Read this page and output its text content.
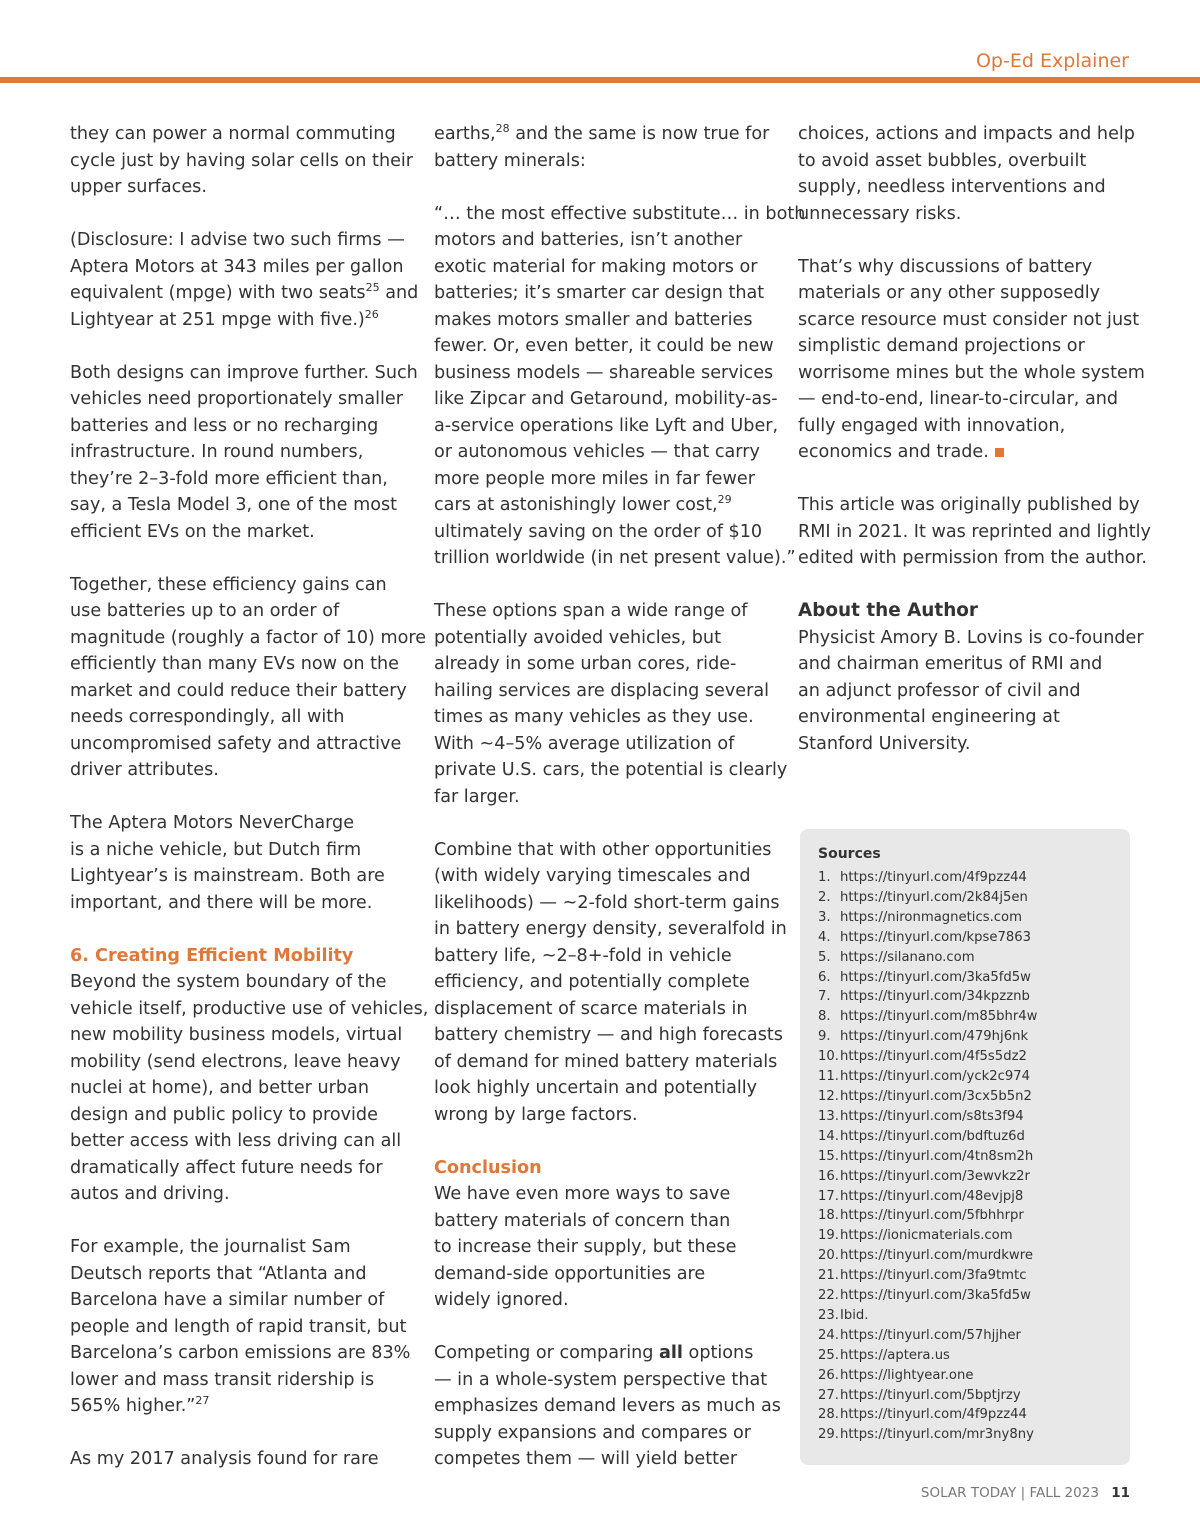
Op-Ed Explainer
they can power a normal commuting
cycle just by having solar cells on their
upper surfaces.
(Disclosure: I advise two such firms —
Aptera Motors at 343 miles per gallon
equivalent (mpge) with two seats$^{25}$ and
Lightyear at 251 mpge with five.)$^{26}$
Both designs can improve further. Such
vehicles need proportionately smaller
batteries and less or no recharging
infrastructure. In round numbers,
they’re 2–3-fold more efficient than,
say, a Tesla Model 3, one of the most
efficient EVs on the market.
Together, these efficiency gains can
use batteries up to an order of
magnitude (roughly a factor of 10) more
efficiently than many EVs now on the
market and could reduce their battery
needs correspondingly, all with
uncompromised safety and attractive
driver attributes.
The Aptera Motors NeverCharge
is a niche vehicle, but Dutch firm
Lightyear’s is mainstream. Both are
important, and there will be more.
6. Creating Efficient Mobility
Beyond the system boundary of the
vehicle itself, productive use of vehicles,
new mobility business models, virtual
mobility (send electrons, leave heavy
nuclei at home), and better urban
design and public policy to provide
better access with less driving can all
dramatically affect future needs for
autos and driving.
For example, the journalist Sam
Deutsch reports that “Atlanta and
Barcelona have a similar number of
people and length of rapid transit, but
Barcelona’s carbon emissions are 83%
lower and mass transit ridership is
565% higher.”$^{27}$
As my 2017 analysis found for rare
earths,$^{28}$ and the same is now true for
battery minerals:
“… the most effective substitute… in both
motors and batteries, isn’t another
exotic material for making motors or
batteries; it’s smarter car design that
makes motors smaller and batteries
fewer. Or, even better, it could be new
business models — shareable services
like Zipcar and Getaround, mobility-as-
a-service operations like Lyft and Uber,
or autonomous vehicles — that carry
more people more miles in far fewer
cars at astonishingly lower cost,$^{29}$
ultimately saving on the order of $10
trillion worldwide (in net present value).”
These options span a wide range of
potentially avoided vehicles, but
already in some urban cores, ride-
hailing services are displacing several
times as many vehicles as they use.
With ~4–5% average utilization of
private U.S. cars, the potential is clearly
far larger.
Combine that with other opportunities
(with widely varying timescales and
likelihoods) — ~2-fold short-term gains
in battery energy density, severalfold in
battery life, ~2–8+-fold in vehicle
efficiency, and potentially complete
displacement of scarce materials in
battery chemistry — and high forecasts
of demand for mined battery materials
look highly uncertain and potentially
wrong by large factors.
Conclusion
We have even more ways to save
battery materials of concern than
to increase their supply, but these
demand-side opportunities are
widely ignored.
Competing or comparing all options
— in a whole-system perspective that
emphasizes demand levers as much as
supply expansions and compares or
competes them — will yield better
choices, actions and impacts and help
to avoid asset bubbles, overbuilt
supply, needless interventions and
unnecessary risks.
That’s why discussions of battery
materials or any other supposedly
scarce resource must consider not just
simplistic demand projections or
worrisome mines but the whole system
— end-to-end, linear-to-circular, and
fully engaged with innovation,
economics and trade.
This article was originally published by
RMI in 2021. It was reprinted and lightly
edited with permission from the author.
About the Author
Physicist Amory B. Lovins is co-founder
and chairman emeritus of RMI and
an adjunct professor of civil and
environmental engineering at
Stanford University.
Sources
1. https://tinyurl.com/4f9pzz44
2. https://tinyurl.com/2k84j5en
3. https://nironmagnetics.com
4. https://tinyurl.com/kpse7863
5. https://silanano.com
6. https://tinyurl.com/3ka5fd5w
7. https://tinyurl.com/34kpzznb
8. https://tinyurl.com/m85bhr4w
9. https://tinyurl.com/479hj6nk
10.https://tinyurl.com/4f5s5dz2
11.https://tinyurl.com/yck2c974
12.https://tinyurl.com/3cx5b5n2
13.https://tinyurl.com/s8ts3f94
14.https://tinyurl.com/bdftuz6d
15.https://tinyurl.com/4tn8sm2h
16.https://tinyurl.com/3ewvkz2r
17.https://tinyurl.com/48evjpj8
18.https://tinyurl.com/5fbhhrpr
19.https://ionicmaterials.com
20.https://tinyurl.com/murdkwre
21.https://tinyurl.com/3fa9tmtc
22.https://tinyurl.com/3ka5fd5w
23.Ibid.
24.https://tinyurl.com/57hjjher
25.https://aptera.us
26.https://lightyear.one
27.https://tinyurl.com/5bptjrzy
28.https://tinyurl.com/4f9pzz44
29.https://tinyurl.com/mr3ny8ny
SOLAR TODAY | FALL 2023 11
